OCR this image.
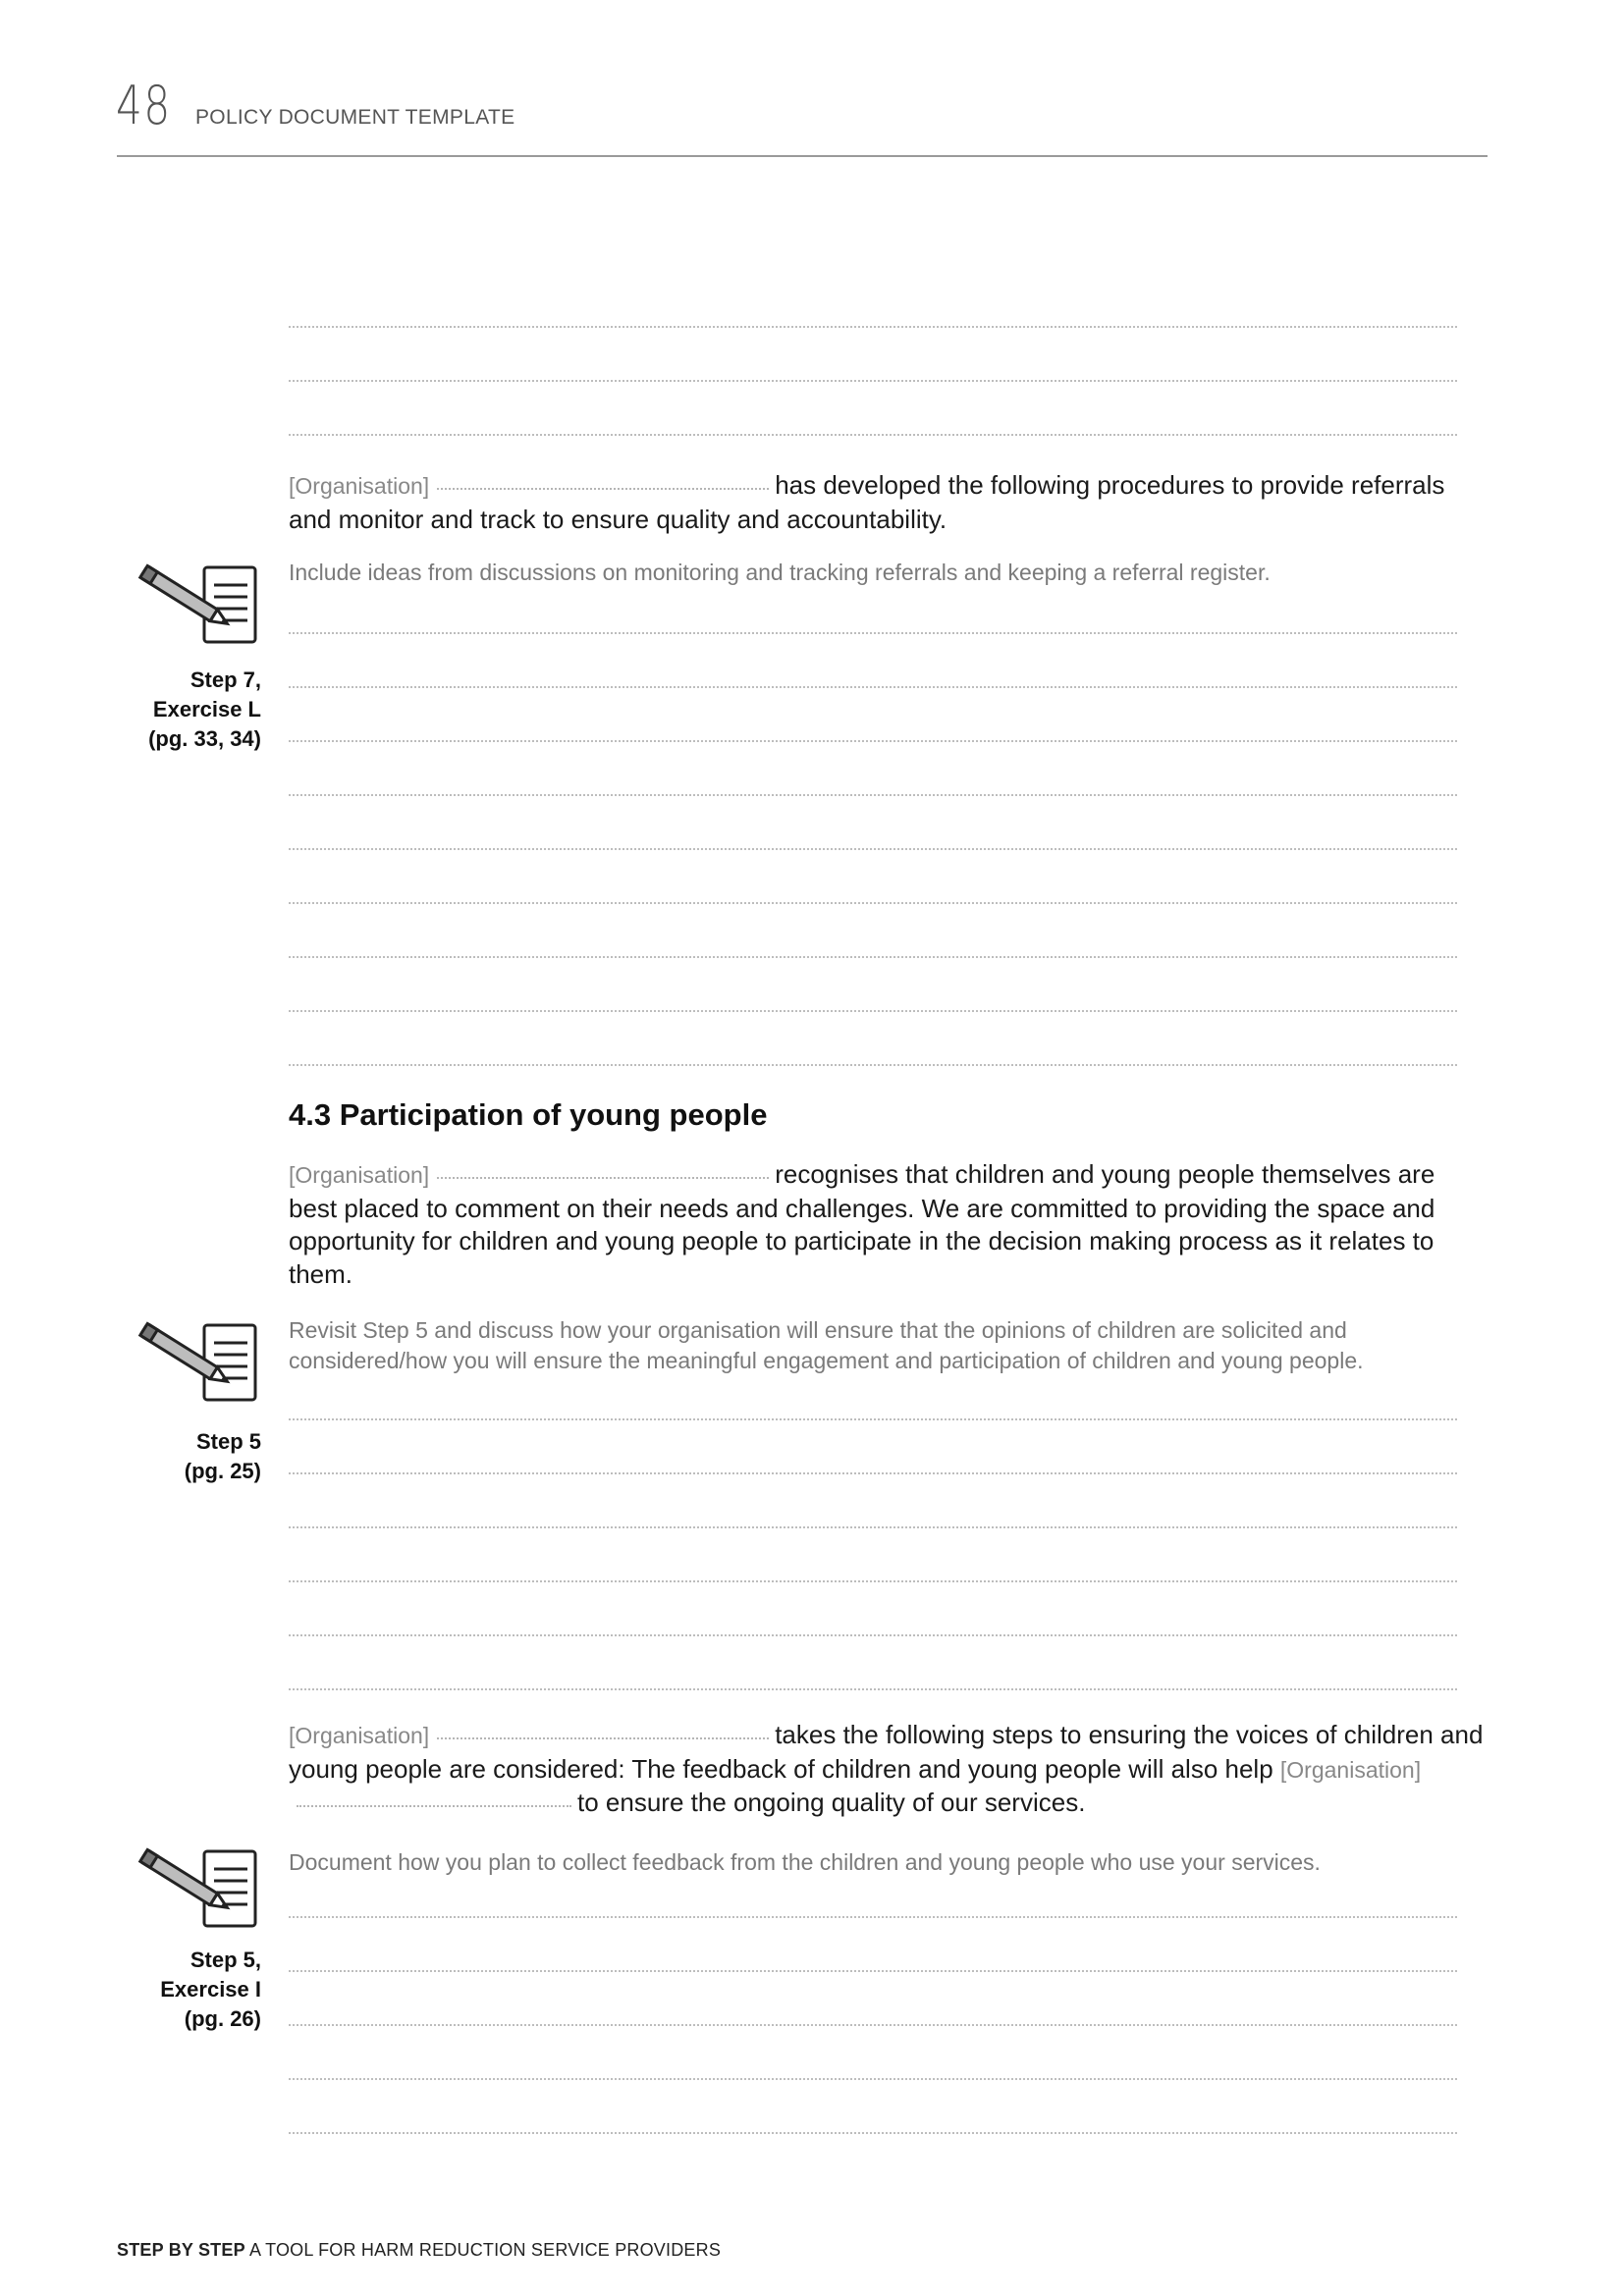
48 POLICY DOCUMENT TEMPLATE
[Organisation]	has developed the following procedures to provide referrals and monitor and track to ensure quality and accountability.
Include ideas from discussions on monitoring and tracking referrals and keeping a referral register.
Step 7,
Exercise L
(pg. 33, 34)
4.3 Participation of young people
[Organisation]	recognises that children and young people themselves are best placed to comment on their needs and challenges. We are committed to providing the space and opportunity for children and young people to participate in the decision making process as it relates to them.
Revisit Step 5 and discuss how your organisation will ensure that the opinions of children are solicited and considered/how you will ensure the meaningful engagement and participation of children and young people.
Step 5
(pg. 25)
[Organisation]	takes the following steps to ensuring the voices of children and young people are considered: The feedback of children and young people will also help [Organisation]to ensure the ongoing quality of our services.
Document how you plan to collect feedback from the children and young people who use your services.
Step 5,
Exercise I
(pg. 26)
STEP BY STEP A TOOL FOR HARM REDUCTION SERVICE PROVIDERS
